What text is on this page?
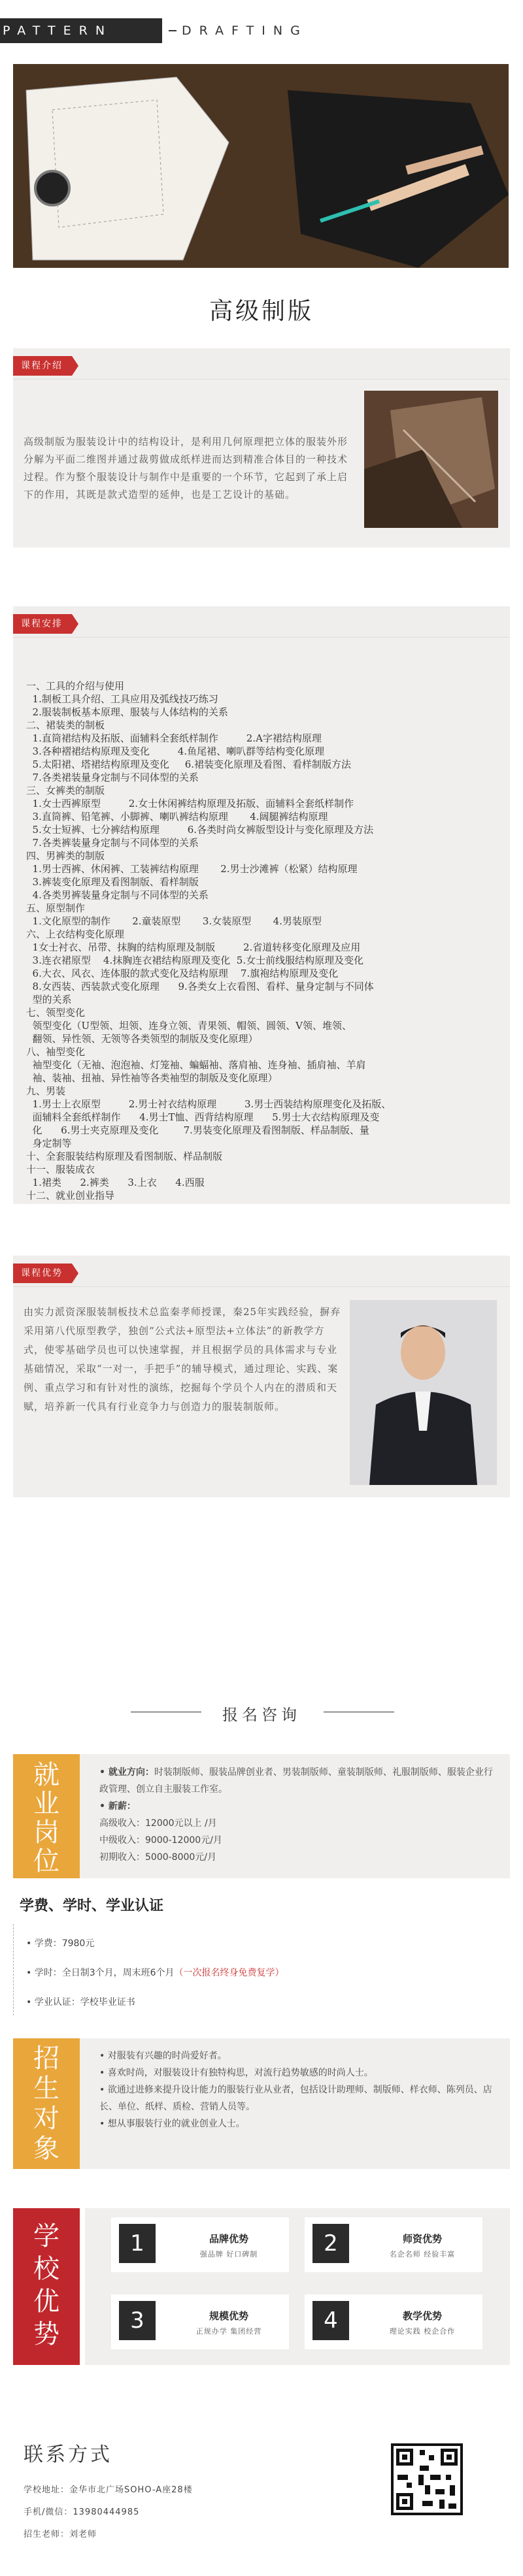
PATTERN	DRAFTING
高级制版
课程介绍
高级制版为服装设计中的结构设计，是利用几何原理把立体的服装外形分解为平面二维图并通过裁剪做成纸样进而达到精准合体目的一种技术过程。作为整个服装设计与制作中是重要的一个环节，它起到了承上启下的作用，其既是款式造型的延伸，也是工艺设计的基础。
课程安排
一、工具的介绍与使用
1.制板工具介绍、工具应用及弧线技巧练习
2.服装制板基本原理、服装与人体结构的关系
二、裙装类的制板
1.直筒裙结构及拓版、面辅料全套纸样制作         2.A字裙结构原理
3.各种褶裙结构原理及变化         4.鱼尾裙、喇叭群等结构变化原理
5.太阳裙、塔裙结构原理及变化     6.裙装变化原理及看图、看样制版方法
7.各类裙装量身定制与不同体型的关系
三、女裤类的制版
1.女士西裤原型         2.女士休闲裤结构原理及拓版、面辅料全套纸样制作
3.直筒裤、铅笔裤、小脚裤、喇叭裤结构原理       4.阔腿裤结构原理
5.女士短裤、七分裤结构原理         6.各类时尚女裤版型设计与变化原理及方法
7.各类裤装量身定制与不同体型的关系
四、男裤类的制版
1.男士西裤、休闲裤、工装裤结构原理       2.男士沙滩裤（松紧）结构原理
3.裤装变化原理及看图制版、看样制版
4.各类男裤装量身定制与不同体型的关系
五、原型制作
1.文化原型的制作       2.童装原型       3.女装原型       4.男装原型
六、上衣结构变化原理
1女士衬衣、吊带、抹胸的结构原理及制版         2.省道转移变化原理及应用
3.连衣裙原型    4.抹胸连衣裙结构原理及变化  5.女士前线服结构原理及变化
6.大衣、风衣、连体服的款式变化及结构原理    7.旗袍结构原理及变化
8.女西装、西装款式变化原理      9.各类女上衣看图、看样、量身定制与不同体
型的关系
七、领型变化
领型变化（U型领、坦领、连身立领、青果领、帽领、圆领、V领、堆领、
翻领、异性领、无领等各类领型的制版及变化原理）
八、袖型变化
袖型变化（无袖、泡泡袖、灯笼袖、蝙蝠袖、落肩袖、连身袖、插肩袖、羊肩
袖、装袖、扭袖、异性袖等各类袖型的制版及变化原理）
九、男装
1.男士上衣原型         2.男士衬衣结构原理         3.男士西装结构原理变化及拓版、
面辅料全套纸样制作      4.男士T恤、西背结构原理      5.男士大衣结构原理及变
化      6.男士夹克原理及变化        7.男装变化原理及看图制版、样品制版、量
身定制等
十、全套服装结构原理及看图制版、样品制版
十一、服装成衣
1.裙类      2.裤类      3.上衣      4.西服
十二、就业创业指导
课程优势
由实力派资深服装制板技术总监秦孝师授课，秦25年实践经验，摒弃采用第八代原型教学，独创“公式法+原型法+立体法”的新教学方式，使零基础学员也可以快速掌握，并且根据学员的具体需求与专业基础情况，采取“一对一，手把手”的辅导模式，通过理论、实践、案例、重点学习和有针对性的演练，挖掘每个学员个人内在的潜质和天赋，培养新一代具有行业竞争力与创造力的服装制版师。
报名咨询
就业岗位
• 就业方向：时装制版师、服装品牌创业者、男装制版师、童装制版师、礼服制版师、服装企业行政管理、创立自主服装工作室。
• 新薪：
高级收入：12000元以上 /月
中级收入：9000-12000元/月
初期收入：5000-8000元/月
学费、学时、学业认证
• 学费：7980元
• 学时：全日制3个月，周末班6个月（一次报名终身免费复学）
• 学业认证：学校毕业证书
招生对象
• 对服装有兴趣的时尚爱好者。
• 喜欢时尚，对服装设计有独特构思，对流行趋势敏感的时尚人士。
• 欲通过进修来提升设计能力的服装行业从业者，包括设计助理师、制版师、样衣师、陈列员、店长、单位、纸样、质检、营销人员等。
• 想从事服装行业的就业创业人士。
学校优势
1	品牌优势
强品牌 好口碑制	2	师资优势
名企名师 经验丰富
3	规模优势
正规办学 集团经营	4	教学优势
理论实践 校企合作
联系方式
学校地址：金华市北广场SOHO-A座28楼
手机/微信：13980444985
招生老师：刘老师
